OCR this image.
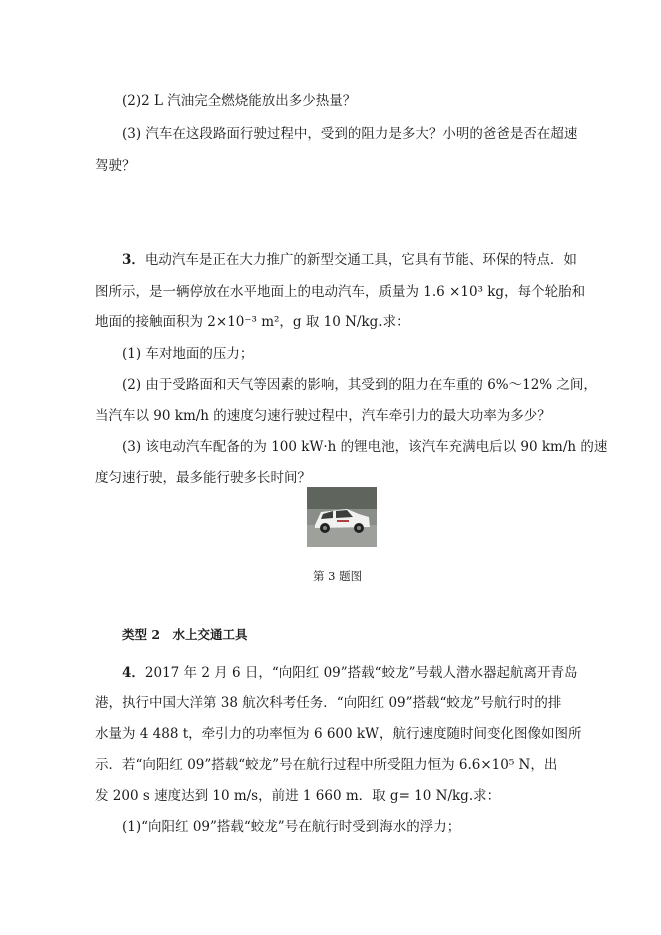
(2)2 L 汽油完全燃烧能放出多少热量？
(3) 汽车在这段路面行驶过程中，受到的阻力是多大？小明的爸爸是否在超速
驾驶？
3．电动汽车是正在大力推广的新型交通工具，它具有节能、环保的特点．如
图所示，是一辆停放在水平地面上的电动汽车，质量为 1.6 ×10³ kg，每个轮胎和
地面的接触面积为 2×10⁻³ m²，g 取 10 N/kg.求：
(1) 车对地面的压力；
(2) 由于受路面和天气等因素的影响，其受到的阻力在车重的 6%～12% 之间，
当汽车以 90 km/h 的速度匀速行驶过程中，汽车牵引力的最大功率为多少？
(3) 该电动汽车配备的为 100 kW·h 的锂电池，该汽车充满电后以 90 km/h 的速
度匀速行驶，最多能行驶多长时间？
第 3 题图
类型 2　水上交通工具
4．2017 年 2 月 6 日，“向阳红 09”搭载“蛟龙”号载人潜水器起航离开青岛
港，执行中国大洋第 38 航次科考任务．“向阳红 09”搭载“蛟龙”号航行时的排
水量为 4 488 t，牵引力的功率恒为 6 600 kW，航行速度随时间变化图像如图所
示．若“向阳红 09”搭载“蛟龙”号在航行过程中所受阻力恒为 6.6×10⁵ N，出
发 200 s 速度达到 10 m/s，前进 1 660 m．取 g= 10 N/kg.求：
(1)“向阳红 09”搭载“蛟龙”号在航行时受到海水的浮力；
